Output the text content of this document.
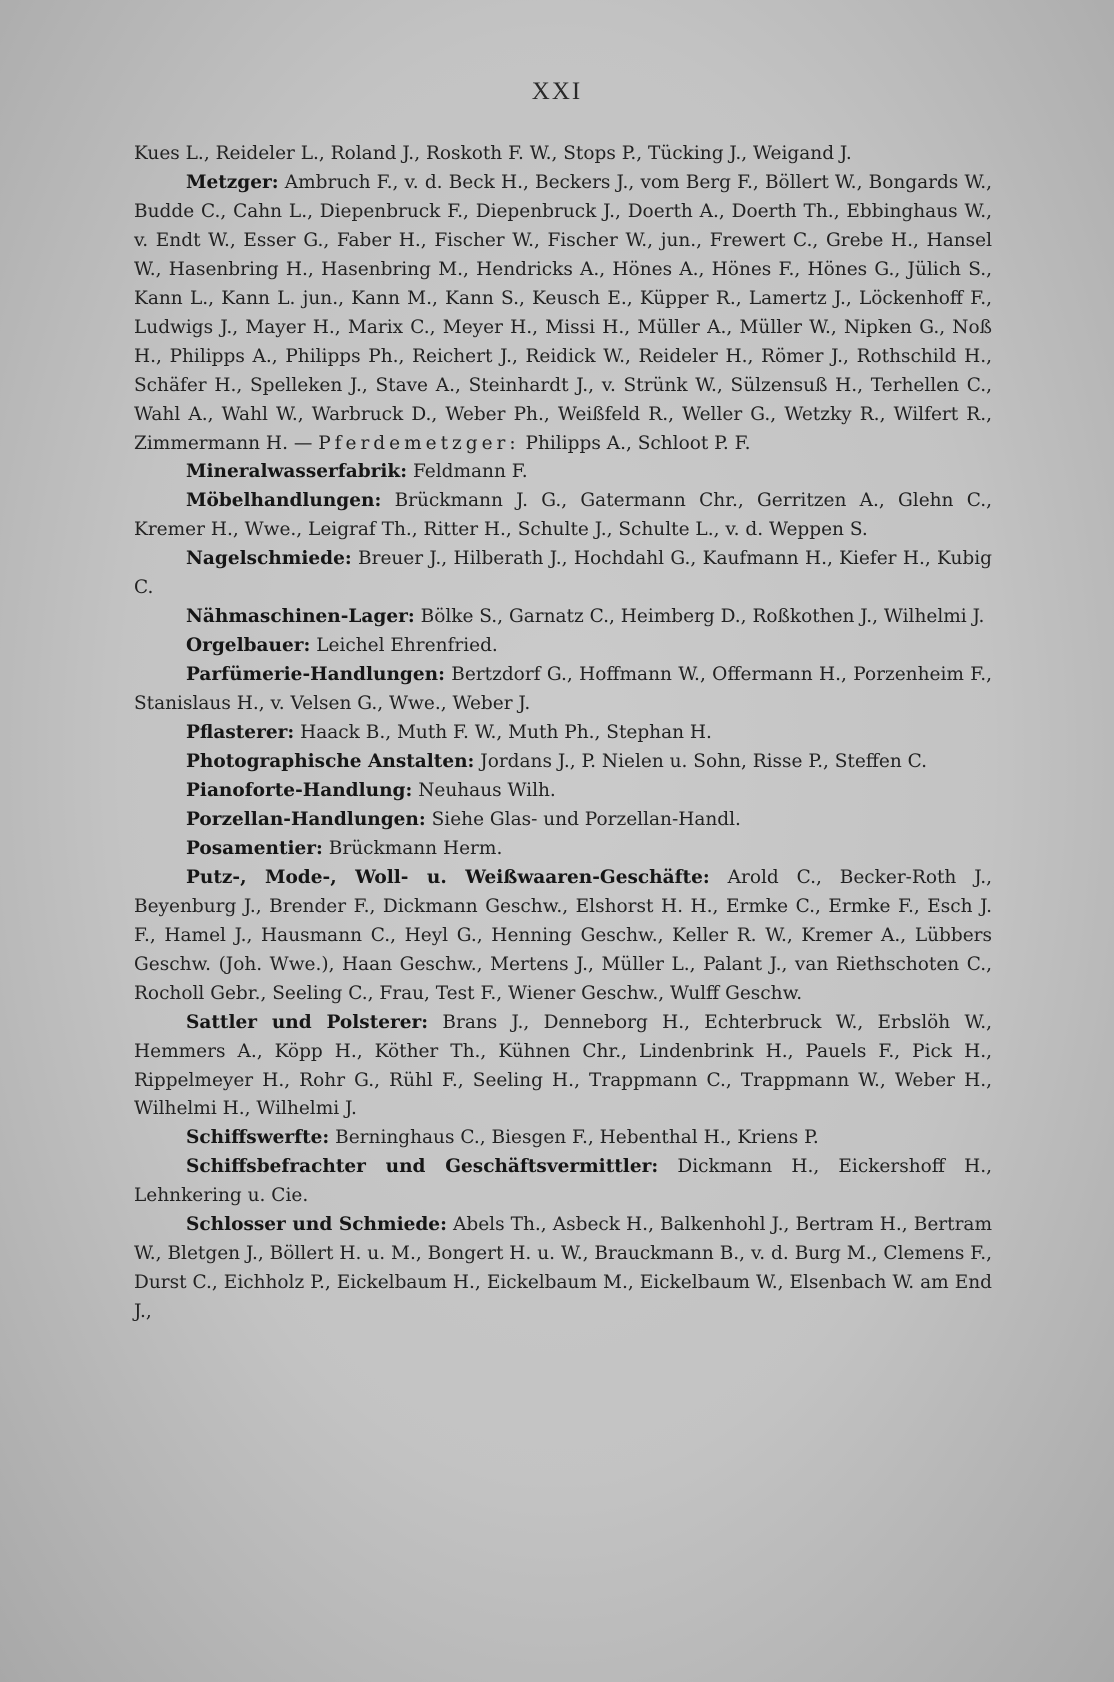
XXI

Kues L., Reideler L., Roland J., Roskoth F. W., Stops P., Tücking J., Weigand J.

Metzger: Ambruch F., v. d. Beck H., Beckers J., vom Berg F., Böllert W., Bongards W., Budde C., Cahn L., Diepenbruck F., Diepenbruck J., Doerth A., Doerth Th., Ebbinghaus W., v. Endt W., Esser G., Faber H., Fischer W., Fischer W., jun., Frewert C., Grebe H., Hansel W., Hasenbring H., Hasenbring M., Hendricks A., Hönes A., Hönes F., Hönes G., Jülich S., Kann L., Kann L. jun., Kann M., Kann S., Keusch E., Küpper R., Lamertz J., Löckenhoff F., Ludwigs J., Mayer H., Marix C., Meyer H., Missi H., Müller A., Müller W., Nipken G., Noß H., Philipps A., Philipps Ph., Reichert J., Reidick W., Reideler H., Römer J., Rothschild H., Schäfer H., Spelleken J., Stave A., Steinhardt J., v. Strünk W., Sülzensuß H., Terhellen C., Wahl A., Wahl W., Warbruck D., Weber Ph., Weißfeld R., Weller G., Wetzky R., Wilfert R., Zimmermann H. — Pferdemetzger: Philipps A., Schloot P. F.

Mineralwasserfabrik: Feldmann F.

Möbelhandlungen: Brückmann J. G., Gatermann Chr., Gerritzen A., Glehn C., Kremer H., Wwe., Leigraf Th., Ritter H., Schulte J., Schulte L., v. d. Weppen S.

Nagelschmiede: Breuer J., Hilberath J., Hochdahl G., Kaufmann H., Kiefer H., Kubig C.

Nähmaschinen-Lager: Bölke S., Garnatz C., Heimberg D., Roßkothen J., Wilhelmi J.

Orgelbauer: Leichel Ehrenfried.

Parfümerie-Handlungen: Bertzdorf G., Hoffmann W., Offermann H., Porzenheim F., Stanislaus H., v. Velsen G., Wwe., Weber J.

Pflasterer: Haack B., Muth F. W., Muth Ph., Stephan H.

Photographische Anstalten: Jordans J., P. Nielen u. Sohn, Risse P., Steffen C.

Pianoforte-Handlung: Neuhaus Wilh.

Porzellan-Handlungen: Siehe Glas- und Porzellan-Handl.

Posamentier: Brückmann Herm.

Putz-, Mode-, Woll- u. Weißwaaren-Geschäfte: Arold C., Becker-Roth J., Beyenburg J., Brender F., Dickmann Geschw., Elshorst H. H., Ermke C., Ermke F., Esch J. F., Hamel J., Hausmann C., Heyl G., Henning Geschw., Keller R. W., Kremer A., Lübbers Geschw. (Joh. Wwe.), Haan Geschw., Mertens J., Müller L., Palant J., van Riethschoten C., Rocholl Gebr., Seeling C., Frau, Test F., Wiener Geschw., Wulff Geschw.

Sattler und Polsterer: Brans J., Denneborg H., Echterbruck W., Erbslöh W., Hemmers A., Köpp H., Köther Th., Kühnen Chr., Lindenbrink H., Pauels F., Pick H., Rippelmeyer H., Rohr G., Rühl F., Seeling H., Trappmann C., Trappmann W., Weber H., Wilhelmi H., Wilhelmi J.

Schiffswerfte: Berninghaus C., Biesgen F., Hebenthal H., Kriens P.

Schiffsbefrachter und Geschäftsvermittler: Dickmann H., Eickershoff H., Lehnkering u. Cie.

Schlosser und Schmiede: Abels Th., Asbeck H., Balkenhohl J., Bertram H., Bertram W., Bletgen J., Böllert H. u. M., Bongert H. u. W., Brauckmann B., v. d. Burg M., Clemens F., Durst C., Eichholz P., Eickelbaum H., Eickelbaum M., Eickelbaum W., Elsenbach W. am End J.,
